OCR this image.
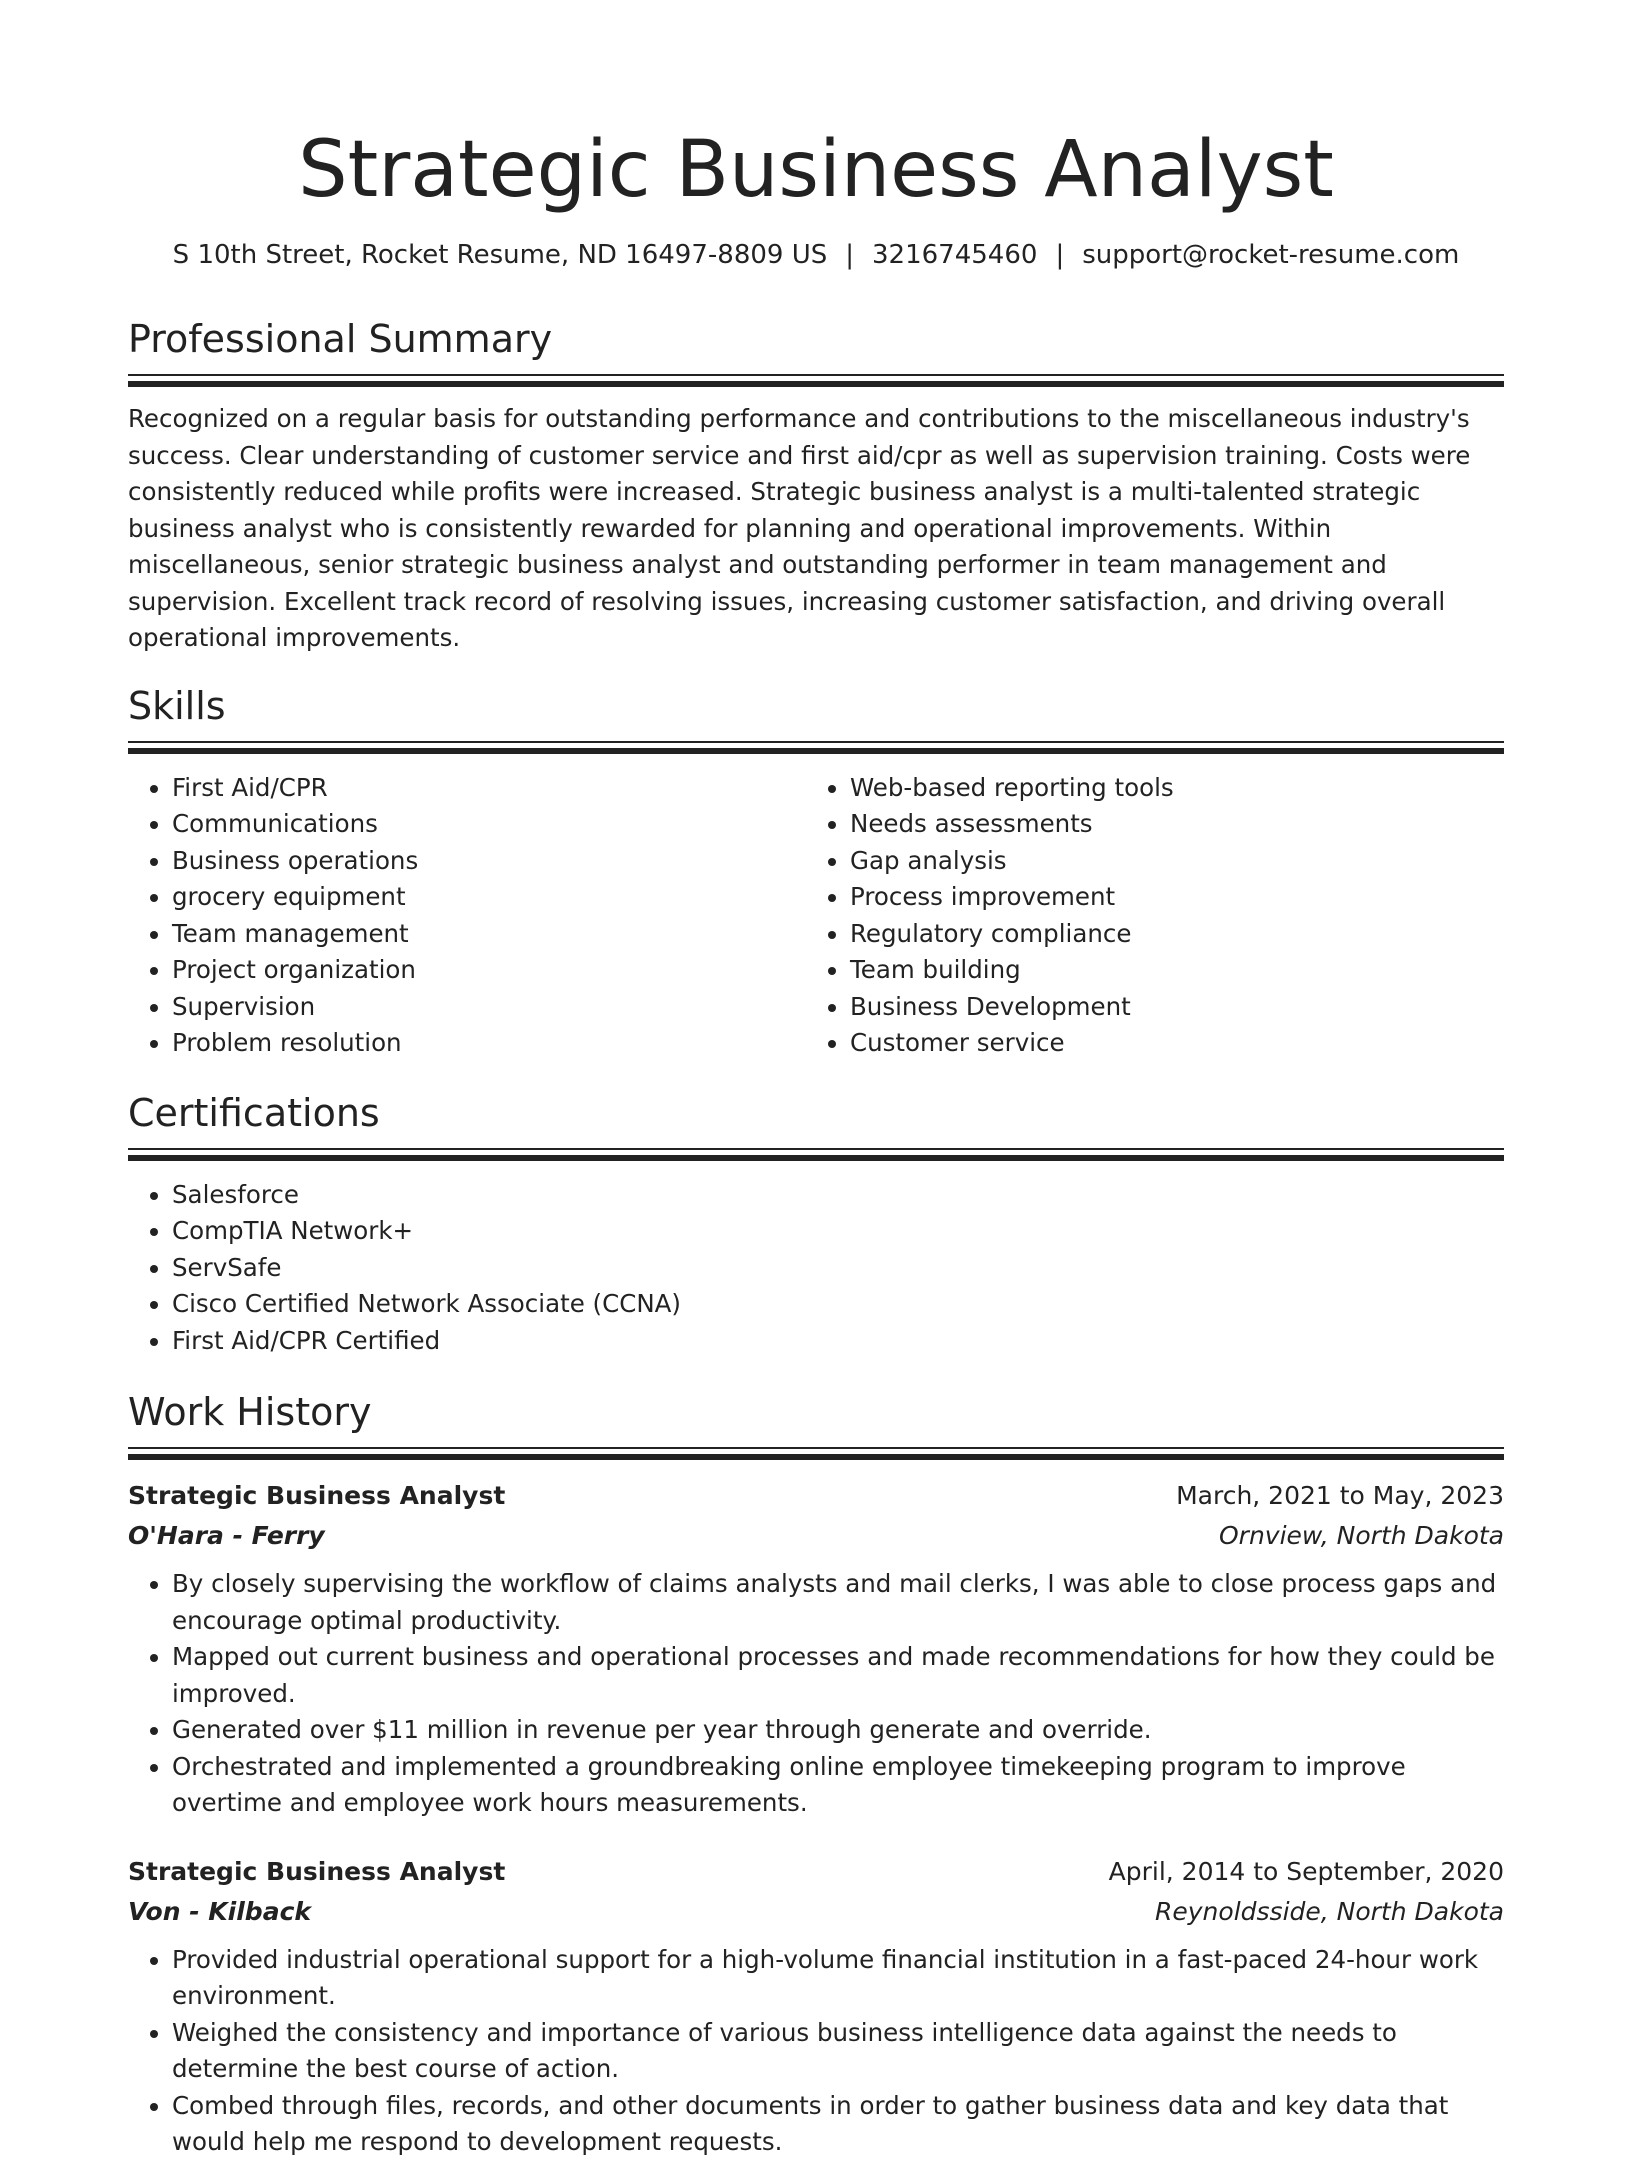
Strategic Business Analyst
S 10th Street, Rocket Resume, ND 16497-8809 US | 3216745460 | support@rocket-resume.com
Professional Summary
Recognized on a regular basis for outstanding performance and contributions to the miscellaneous industry's success. Clear understanding of customer service and first aid/cpr as well as supervision training. Costs were consistently reduced while profits were increased. Strategic business analyst is a multi-talented strategic business analyst who is consistently rewarded for planning and operational improvements. Within miscellaneous, senior strategic business analyst and outstanding performer in team management and supervision. Excellent track record of resolving issues, increasing customer satisfaction, and driving overall operational improvements.
Skills
• First Aid/CPR
• Communications
• Business operations
• grocery equipment
• Team management
• Project organization
• Supervision
• Problem resolution
• Web-based reporting tools
• Needs assessments
• Gap analysis
• Process improvement
• Regulatory compliance
• Team building
• Business Development
• Customer service
Certifications
• Salesforce
• CompTIA Network+
• ServSafe
• Cisco Certified Network Associate (CCNA)
• First Aid/CPR Certified
Work History
Strategic Business Analyst	March, 2021 to May, 2023
O'Hara - Ferry	Ornview, North Dakota
• By closely supervising the workflow of claims analysts and mail clerks, I was able to close process gaps and encourage optimal productivity.
• Mapped out current business and operational processes and made recommendations for how they could be improved.
• Generated over $11 million in revenue per year through generate and override.
• Orchestrated and implemented a groundbreaking online employee timekeeping program to improve overtime and employee work hours measurements.
Strategic Business Analyst	April, 2014 to September, 2020
Von - Kilback	Reynoldsside, North Dakota
• Provided industrial operational support for a high-volume financial institution in a fast-paced 24-hour work environment.
• Weighed the consistency and importance of various business intelligence data against the needs to determine the best course of action.
• Combed through files, records, and other documents in order to gather business data and key data that would help me respond to development requests.
